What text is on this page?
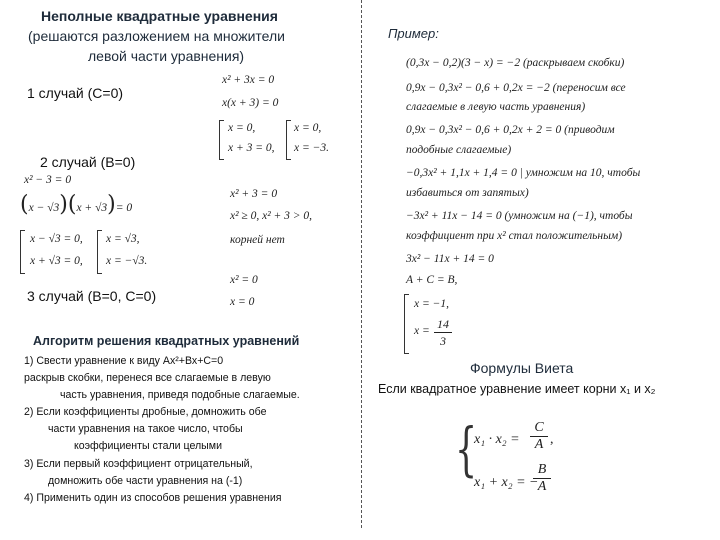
Неполные квадратные уравнения
(решаются разложением на множители
левой части уравнения)
1 случай (С=0)
x² + 3x = 0
x(x + 3) = 0
x = 0,
x + 3 = 0,
x = 0,
x = −3.
2 случай (В=0)
x² − 3 = 0
(x − √3)(x + √3)= 0
x − √3 = 0,
x + √3 = 0,
x = √3,
x = −√3.
x² + 3 = 0
x² ≥ 0, x² + 3 > 0,
корней нет
3 случай (В=0, С=0)
x² = 0
x = 0
Алгоритм решения квадратных уравнений
1) Свести уравнение к виду Ах²+Вх+С=0
раскрыв скобки, перенеся все слагаемые в левую
часть уравнения, приведя подобные слагаемые.
2) Если коэффициенты дробные, домножить обе
части уравнения на такое число, чтобы
коэффициенты стали целыми
3) Если первый коэффициент отрицательный,
домножить обе части уравнения на (-1)
4) Применить один из способов решения уравнения
Пример:
(0,3x − 0,2)(3 − x) = −2 (раскрываем скобки)
0,9x − 0,3x² − 0,6 + 0,2x = −2 (переносим все
слагаемые в левую часть уравнения)
0,9x − 0,3x² − 0,6 + 0,2x + 2 = 0 (приводим
подобные слагаемые)
−0,3x² + 1,1x + 1,4 = 0 | умножим на 10, чтобы
избавиться от запятых)
−3x² + 11x − 14 = 0 (умножим на (−1), чтобы
коэффициент при x² стал положительным)
3x² − 11x + 14 = 0
A + C = B,
x = −1,
$x = \frac{14}{3}$
Формулы Виета
Если квадратное уравнение имеет корни x₁ и x₂
{
$x_1 \cdot x_2 = \frac{C}{A}$ ,
x₁ + x₂ = −
$\frac{B}{A}$
